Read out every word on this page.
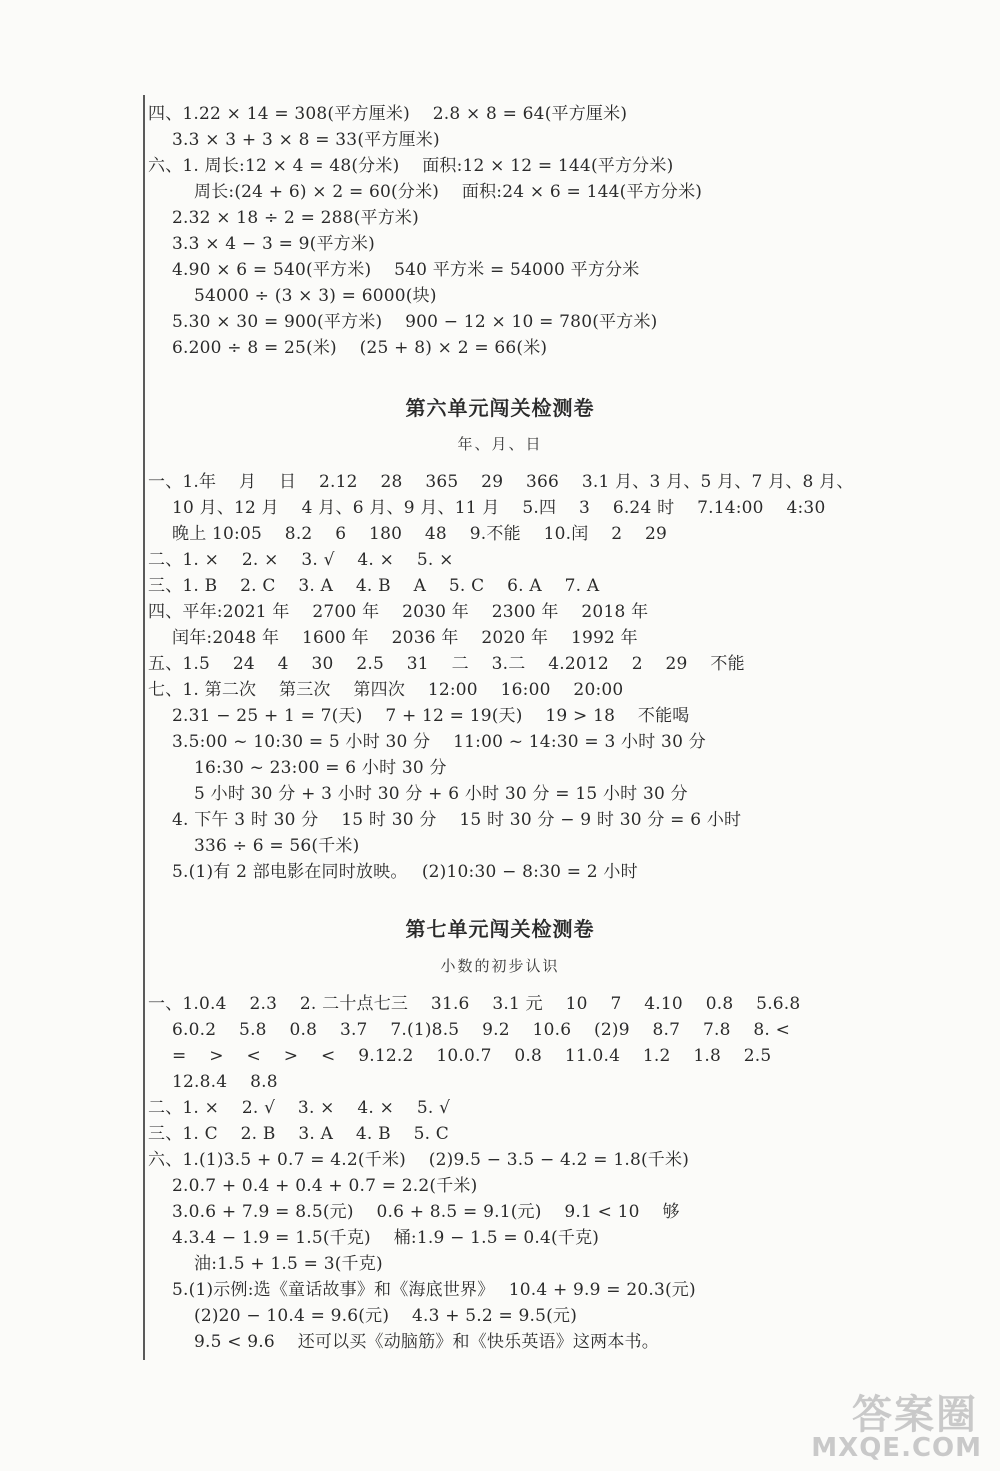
四、1.22 × 14 = 308(平方厘米)　 2.8 × 8 = 64(平方厘米)
3.3 × 3 + 3 × 8 = 33(平方厘米)
六、1. 周长:12 × 4 = 48(分米)　 面积:12 × 12 = 144(平方分米)
周长:(24 + 6) × 2 = 60(分米)　 面积:24 × 6 = 144(平方分米)
2.32 × 18 ÷ 2 = 288(平方米)
3.3 × 4 − 3 = 9(平方米)
4.90 × 6 = 540(平方米)　 540 平方米 = 54000 平方分米
54000 ÷ (3 × 3) = 6000(块)
5.30 × 30 = 900(平方米)　 900 − 12 × 10 = 780(平方米)
6.200 ÷ 8 = 25(米)　 (25 + 8) × 2 = 66(米)
第六单元闯关检测卷
年、月、日
一、1.年　 月　 日　 2.12　 28　 365　 29　 366　 3.1 月、3 月、5 月、7 月、8 月、
10 月、12 月　 4 月、6 月、9 月、11 月　 5.四　 3　 6.24 时　 7.14:00　 4:30
晚上 10:05　 8.2　 6　 180　 48　 9.不能　 10.闰　 2　 29
二、1. ×　 2. ×　 3. √　 4. ×　 5. ×
三、1. B　 2. C　 3. A　 4. B　 A　 5. C　 6. A　 7. A
四、平年:2021 年　 2700 年　 2030 年　 2300 年　 2018 年
闰年:2048 年　 1600 年　 2036 年　 2020 年　 1992 年
五、1.5　 24　 4　 30　 2.5　 31　 二　 3.二　 4.2012　 2　 29　 不能
七、1. 第二次　 第三次　 第四次　 12:00　 16:00　 20:00
2.31 − 25 + 1 = 7(天)　 7 + 12 = 19(天)　 19 > 18　 不能喝
3.5:00 ~ 10:30 = 5 小时 30 分　 11:00 ~ 14:30 = 3 小时 30 分
16:30 ~ 23:00 = 6 小时 30 分
5 小时 30 分 + 3 小时 30 分 + 6 小时 30 分 = 15 小时 30 分
4. 下午 3 时 30 分　 15 时 30 分　 15 时 30 分 − 9 时 30 分 = 6 小时
336 ÷ 6 = 56(千米)
5.(1)有 2 部电影在同时放映。　 (2)10:30 − 8:30 = 2 小时
第七单元闯关检测卷
小数的初步认识
一、1.0.4　 2.3　 2. 二十点七三　 31.6　 3.1 元　 10　 7　 4.10　 0.8　 5.6.8
6.0.2　 5.8　 0.8　 3.7　 7.(1)8.5　 9.2　 10.6　 (2)9　 8.7　 7.8　 8. <
=　 >　 <　 >　 <　 9.12.2　 10.0.7　 0.8　 11.0.4　 1.2　 1.8　 2.5
12.8.4　 8.8
二、1. ×　 2. √　 3. ×　 4. ×　 5. √
三、1. C　 2. B　 3. A　 4. B　 5. C
六、1.(1)3.5 + 0.7 = 4.2(千米)　 (2)9.5 − 3.5 − 4.2 = 1.8(千米)
2.0.7 + 0.4 + 0.4 + 0.7 = 2.2(千米)
3.0.6 + 7.9 = 8.5(元)　 0.6 + 8.5 = 9.1(元)　 9.1 < 10　 够
4.3.4 − 1.9 = 1.5(千克)　 桶:1.9 − 1.5 = 0.4(千克)
油:1.5 + 1.5 = 3(千克)
5.(1)示例:选《童话故事》和《海底世界》　 10.4 + 9.9 = 20.3(元)
(2)20 − 10.4 = 9.6(元)　 4.3 + 5.2 = 9.5(元)
9.5 < 9.6　 还可以买《动脑筋》和《快乐英语》这两本书。
答案圈
MXQE.COM
